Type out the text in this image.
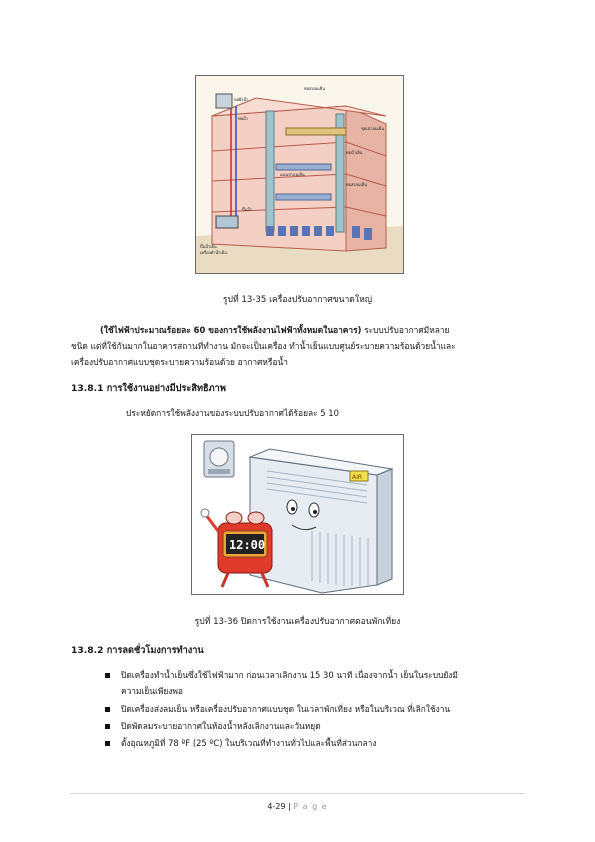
ท่อส่งลมเย็น
หอผึ่งน้ำ
ท่อน้ำ
ชุดเป่าลมเย็น
ท่อน้ำเย็น
ปั๊มน้ำ
ปั๊มน้ำเย็น
เครื่องทำน้ำเย็น
ท่อส่งลมเย็น
แผงเป่าลมเย็น
รูปที่ 13-35 เครื่องปรับอากาศขนาดใหญ่
(ใช้ไฟฟ้าประมาณร้อยละ 60 ของการใช้พลังงานไฟฟ้าทั้งหมดในอาคาร) ระบบปรับอากาศมีหลาย
ชนิด แต่ที่ใช้กันมากในอาคารสถานที่ทำงาน มักจะเป็นเครื่อง ทำน้ำเย็นแบบศูนย์ระบายความร้อนด้วยน้ำและ
เครื่องปรับอากาศแบบชุดระบายความร้อนด้วย อากาศหรือน้ำ
13.8.1 การใช้งานอย่างมีประสิทธิภาพ
ประหยัดการใช้พลังงานของระบบปรับอากาศได้ร้อยละ 5 10
AIR
12:00
รูปที่ 13-36 ปิดการใช้งานเครื่องปรับอากาศตอนพักเที่ยง
13.8.2 การลดชั่วโมงการทำงาน
ปิดเครื่องทำน้ำเย็นซึ่งใช้ไฟฟ้ามาก ก่อนเวลาเลิกงาน 15 30 นาที เนื่องจากน้ำ เย็นในระบบยังมี
ความเย็นเพียงพอ
ปิดเครื่องส่งลมเย็น หรือเครื่องปรับอากาศแบบชุด ในเวลาพักเที่ยง หรือในบริเวณ ที่เลิกใช้งาน
ปิดพัดลมระบายอากาศในห้องน้ำหลังเลิกงานและวันหยุด
ตั้งอุณหภูมิที่ 78 ºF (25 ºC) ในบริเวณที่ทำงานทั่วไปและพื้นที่ส่วนกลาง
4-29 | P a g e
